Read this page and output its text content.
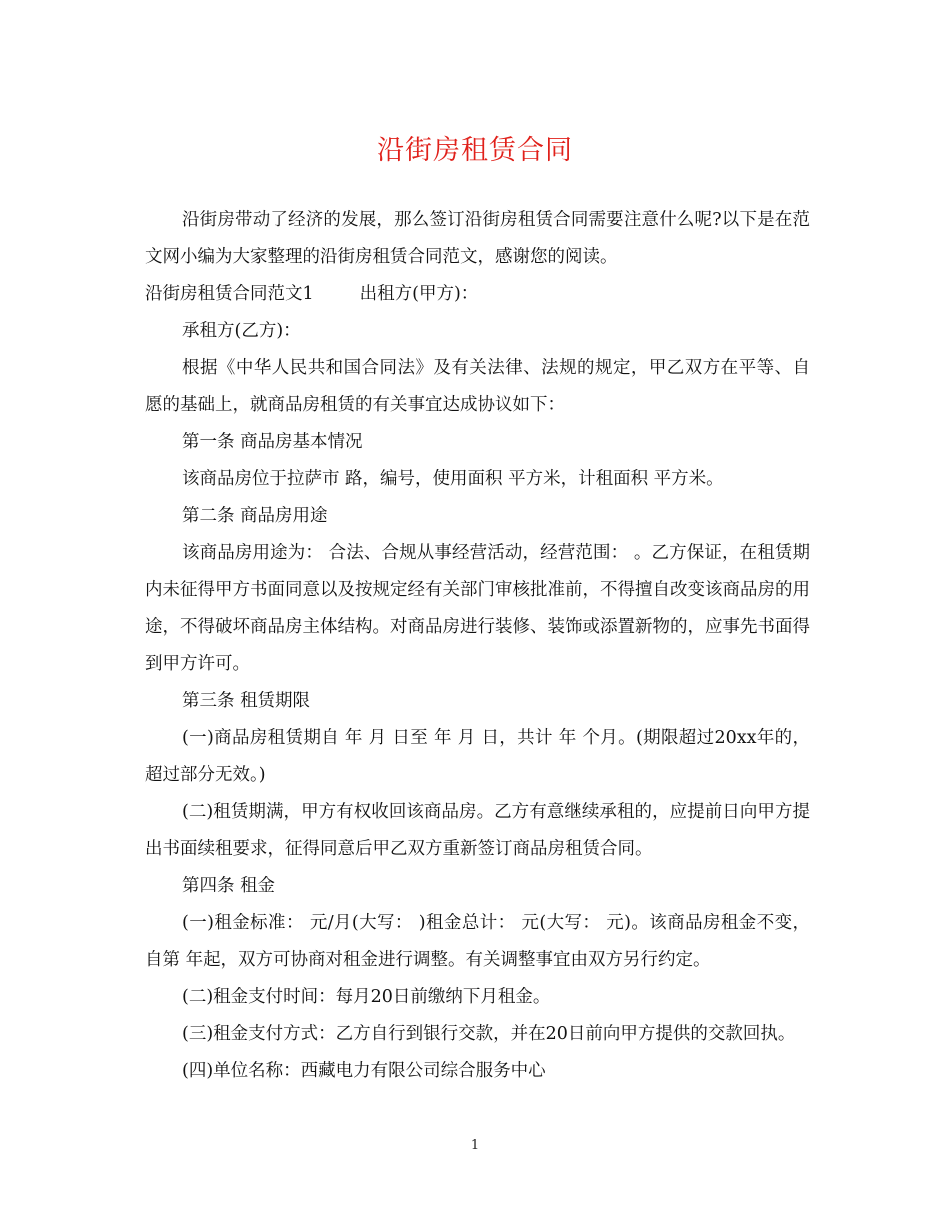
沿街房租赁合同

沿街房带动了经济的发展，那么签订沿街房租赁合同需要注意什么呢?以下是在范文网小编为大家整理的沿街房租赁合同范文，感谢您的阅读。

沿街房租赁合同范文1	出租方(甲方)：

承租方(乙方)：

根据《中华人民共和国合同法》及有关法律、法规的规定，甲乙双方在平等、自愿的基础上，就商品房租赁的有关事宜达成协议如下：

第一条 商品房基本情况

该商品房位于拉萨市 路，编号，使用面积 平方米，计租面积 平方米。

第二条 商品房用途

该商品房用途为： 合法、合规从事经营活动，经营范围： 。乙方保证，在租赁期内未征得甲方书面同意以及按规定经有关部门审核批准前，不得擅自改变该商品房的用途，不得破坏商品房主体结构。对商品房进行装修、装饰或添置新物的，应事先书面得到甲方许可。

第三条 租赁期限

(一)商品房租赁期自 年 月 日至 年 月 日，共计 年 个月。(期限超过20xx年的，超过部分无效。)

(二)租赁期满，甲方有权收回该商品房。乙方有意继续承租的，应提前日向甲方提出书面续租要求，征得同意后甲乙双方重新签订商品房租赁合同。

第四条 租金

(一)租金标准： 元/月(大写： )租金总计： 元(大写： 元)。该商品房租金不变，自第 年起，双方可协商对租金进行调整。有关调整事宜由双方另行约定。

(二)租金支付时间：每月20日前缴纳下月租金。

(三)租金支付方式：乙方自行到银行交款，并在20日前向甲方提供的交款回执。

(四)单位名称：西藏电力有限公司综合服务中心

1
